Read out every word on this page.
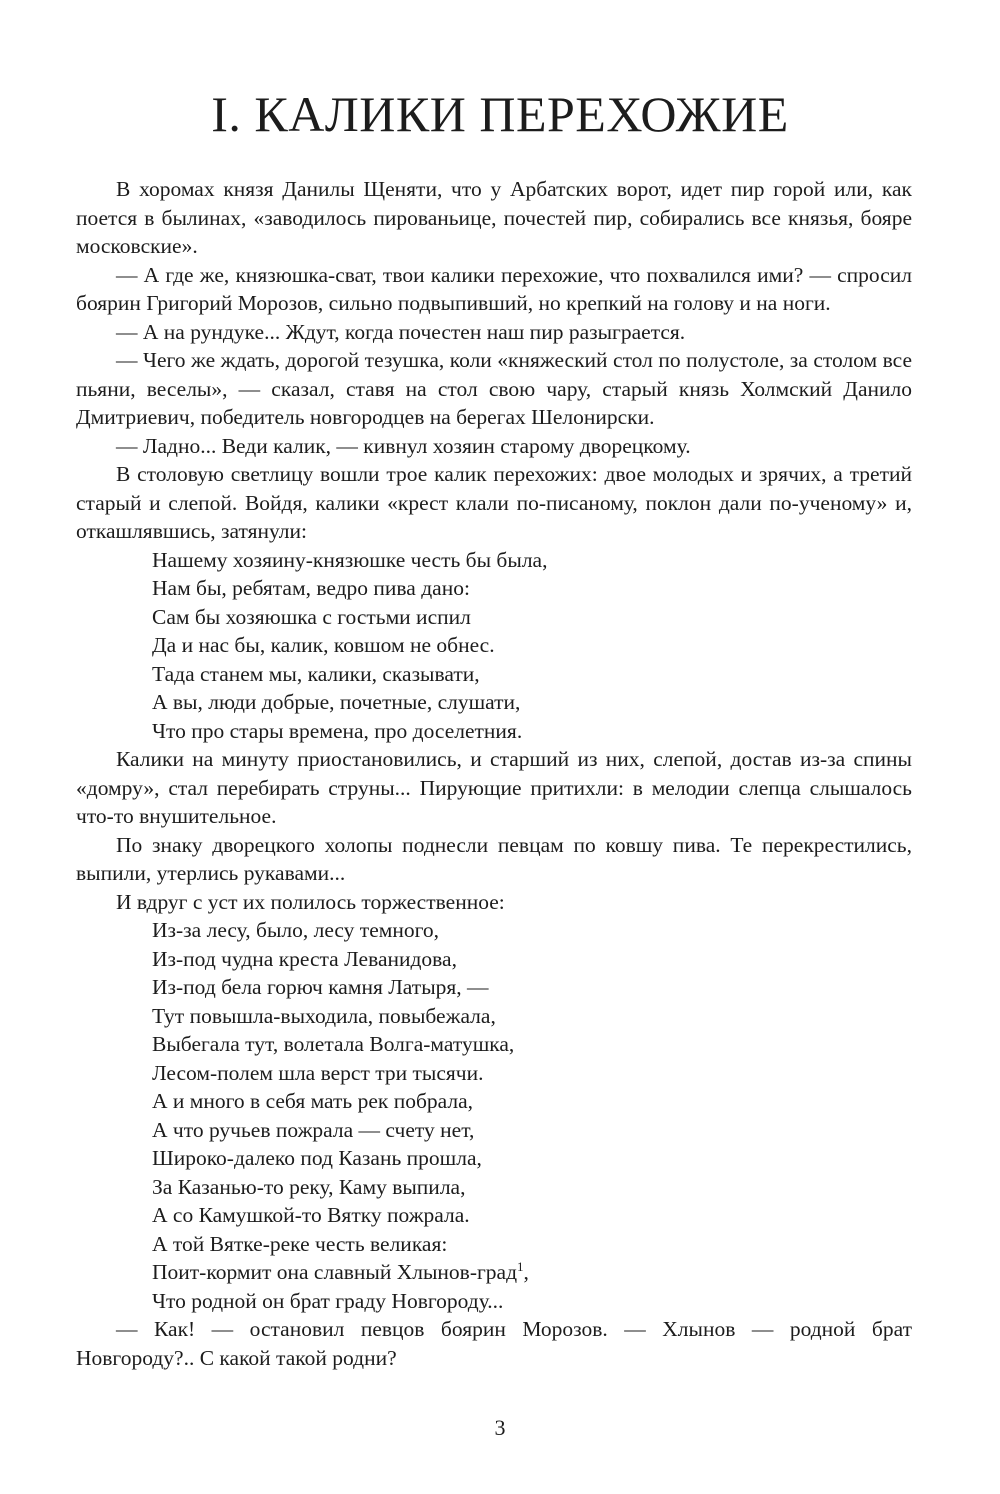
I. КАЛИКИ ПЕРЕХОЖИЕ

В хоромах князя Данилы Щеняти, что у Арбатских ворот, идет пир горой или, как поется в былинах, «заводилось пированьице, почестей пир, собирались все князья, бояре московские».

— А где же, князюшка-сват, твои калики перехожие, что похвалился ими? — спросил боярин Григорий Морозов, сильно подвыпивший, но крепкий на голову и на ноги.

— А на рундуке... Ждут, когда почестен наш пир разыграется.

— Чего же ждать, дорогой тезушка, коли «княжеский стол по полустоле, за столом все пьяни, веселы», — сказал, ставя на стол свою чару, старый князь Холмский Данило Дмитриевич, победитель новгородцев на берегах Шелонирски.

— Ладно... Веди калик, — кивнул хозяин старому дворецкому.

В столовую светлицу вошли трое калик перехожих: двое молодых и зрячих, а третий старый и слепой. Войдя, калики «крест клали по-писаному, поклон дали по-ученому» и, откашлявшись, затянули:

Нашему хозяину-князюшке честь бы была,
Нам бы, ребятам, ведро пива дано:
Сам бы хозяюшка с гостьми испил
Да и нас бы, калик, ковшом не обнес.
Тада станем мы, калики, сказывати,
А вы, люди добрые, почетные, слушати,
Что про стары времена, про доселетния.

Калики на минуту приостановились, и старший из них, слепой, достав из-за спины «домру», стал перебирать струны... Пирующие притихли: в мелодии слепца слышалось что-то внушительное.

По знаку дворецкого холопы поднесли певцам по ковшу пива. Те перекрестились, выпили, утерлись рукавами...

И вдруг с уст их полилось торжественное:

Из-за лесу, было, лесу темного,
Из-под чудна креста Леванидова,
Из-под бела горюч камня Латыря, —
Тут повышла-выходила, повыбежала,
Выбегала тут, волетала Волга-матушка,
Лесом-полем шла верст три тысячи.
А и много в себя мать рек побрала,
А что ручьев пожрала — счету нет,
Широко-далеко под Казань прошла,
За Казанью-то реку, Каму выпила,
А со Камушкой-то Вятку пожрала.
А той Вятке-реке честь великая:
Поит-кормит она славный Хлынов-град$^1$,
Что родной он брат граду Новгороду...

— Как! — остановил певцов боярин Морозов. — Хлынов — родной брат Новгороду?.. С какой такой родни?

3
